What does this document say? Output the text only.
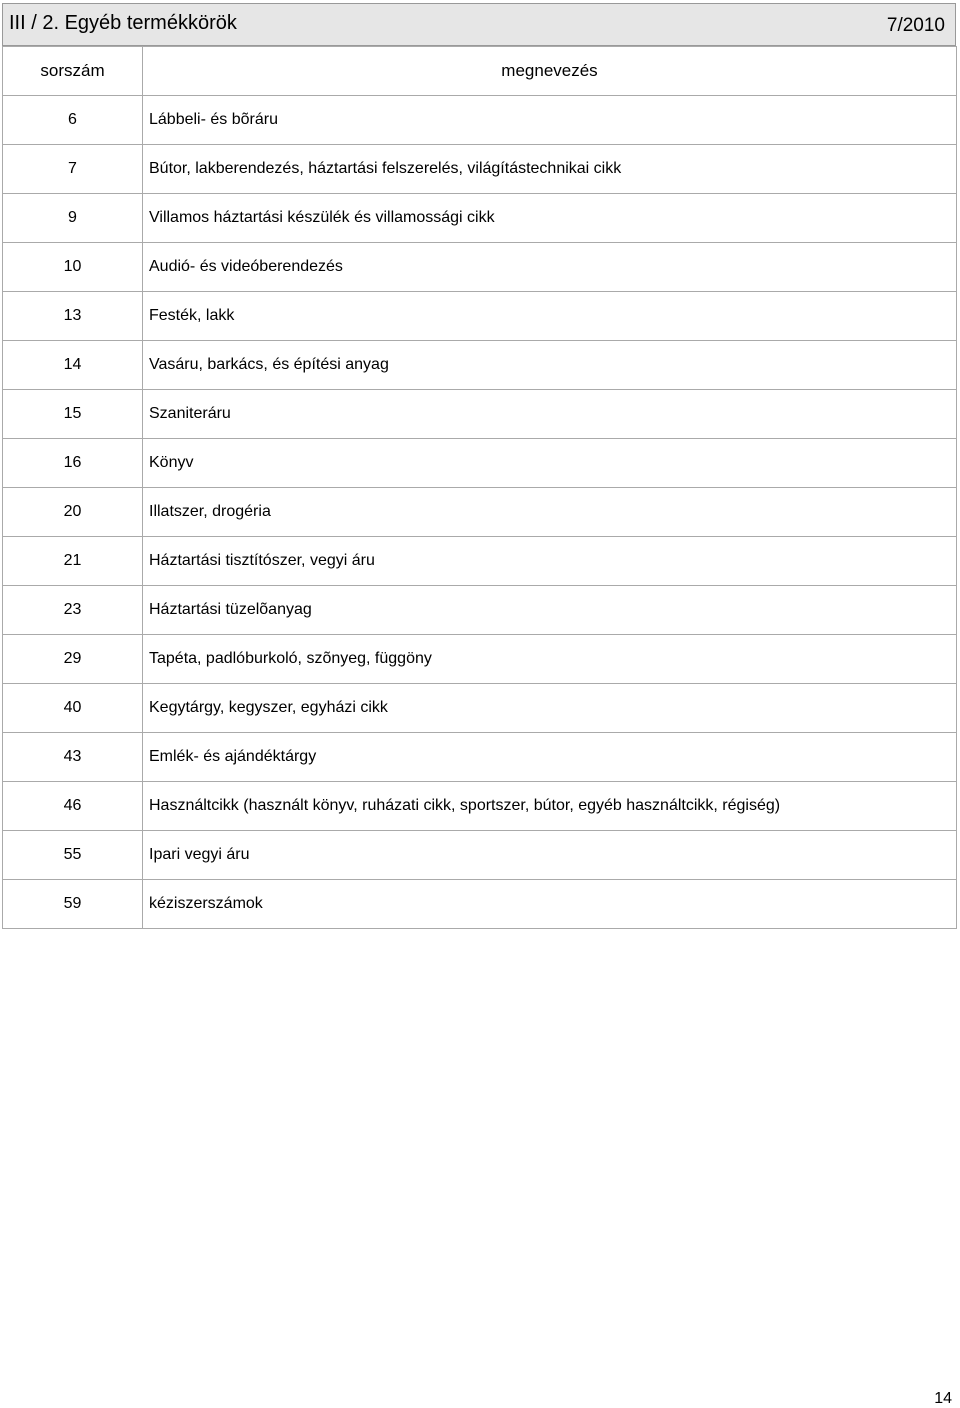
III / 2. Egyéb termékkörök	7/2010
sorszám	megnevezés
6	Lábbeli- és bõráru
7	Bútor, lakberendezés, háztartási felszerelés, világítástechnikai cikk
9	Villamos háztartási készülék és villamossági cikk
10	Audió- és videóberendezés
13	Festék, lakk
14	Vasáru, barkács, és építési anyag
15	Szaniteráru
16	Könyv
20	Illatszer, drogéria
21	Háztartási tisztítószer, vegyi áru
23	Háztartási tüzelõanyag
29	Tapéta, padlóburkoló, szõnyeg, függöny
40	Kegytárgy, kegyszer, egyházi cikk
43	Emlék- és ajándéktárgy
46	Használtcikk (használt könyv, ruházati cikk, sportszer, bútor, egyéb használtcikk, régiség)
55	Ipari vegyi áru
59	kéziszerszámok
14
